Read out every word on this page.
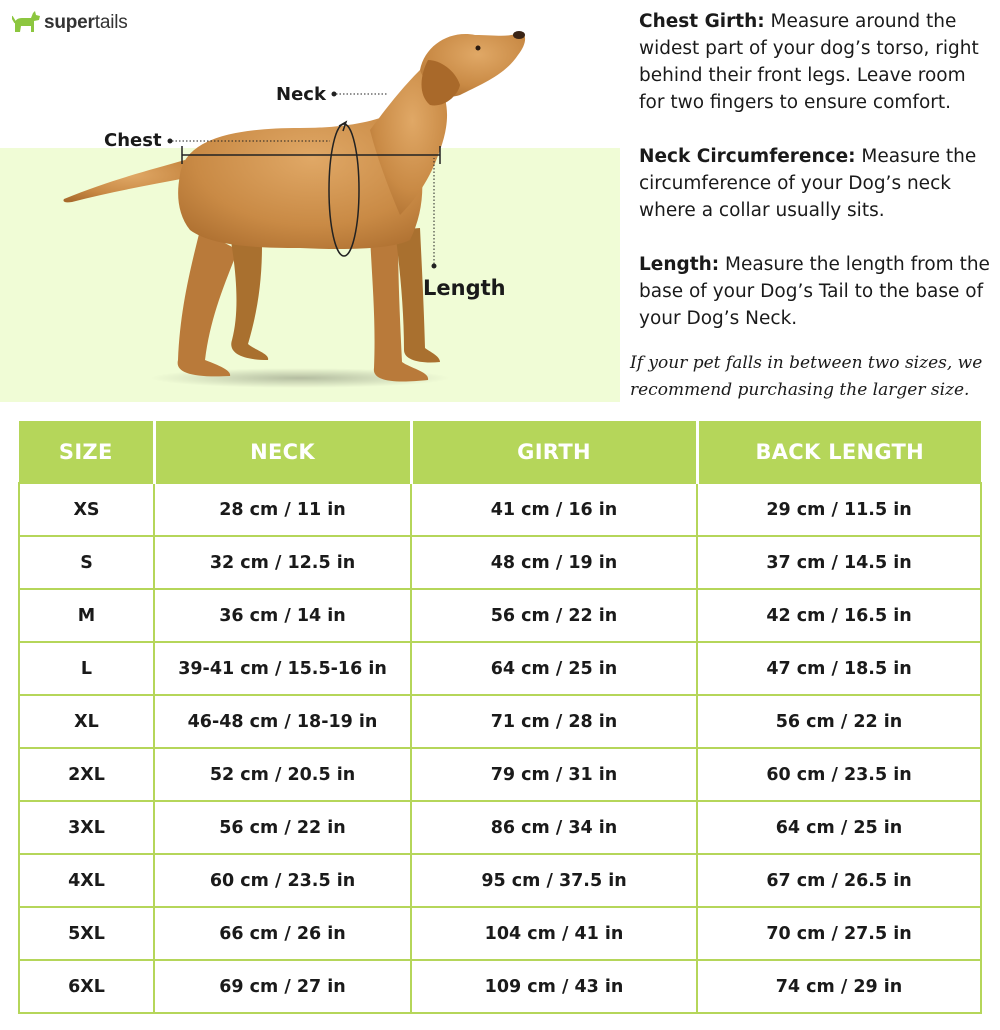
supertails
Neck
Chest
Length

Chest Girth: Measure around the widest part of your dog’s torso, right behind their front legs. Leave room for two fingers to ensure comfort.

Neck Circumference: Measure the circumference of your Dog’s neck where a collar usually sits.

Length: Measure the length from the base of your Dog’s Tail to the base of your Dog’s Neck.

If your pet falls in between two sizes, we recommend purchasing the larger size.
SIZE	NECK	GIRTH	BACK LENGTH
XS	28 cm / 11 in	41 cm / 16 in	29 cm / 11.5 in
S	32 cm / 12.5 in	48 cm / 19 in	37 cm / 14.5 in
M	36 cm / 14 in	56 cm / 22 in	42 cm / 16.5 in
L	39-41 cm / 15.5-16 in	64 cm / 25 in	47 cm / 18.5 in
XL	46-48 cm / 18-19 in	71 cm / 28 in	56 cm / 22 in
2XL	52 cm / 20.5 in	79 cm / 31 in	60 cm / 23.5 in
3XL	56 cm / 22 in	86 cm / 34 in	64 cm / 25 in
4XL	60 cm / 23.5 in	95 cm / 37.5 in	67 cm / 26.5 in
5XL	66 cm / 26 in	104 cm / 41 in	70 cm / 27.5 in
6XL	69 cm / 27 in	109 cm / 43 in	74 cm / 29 in
